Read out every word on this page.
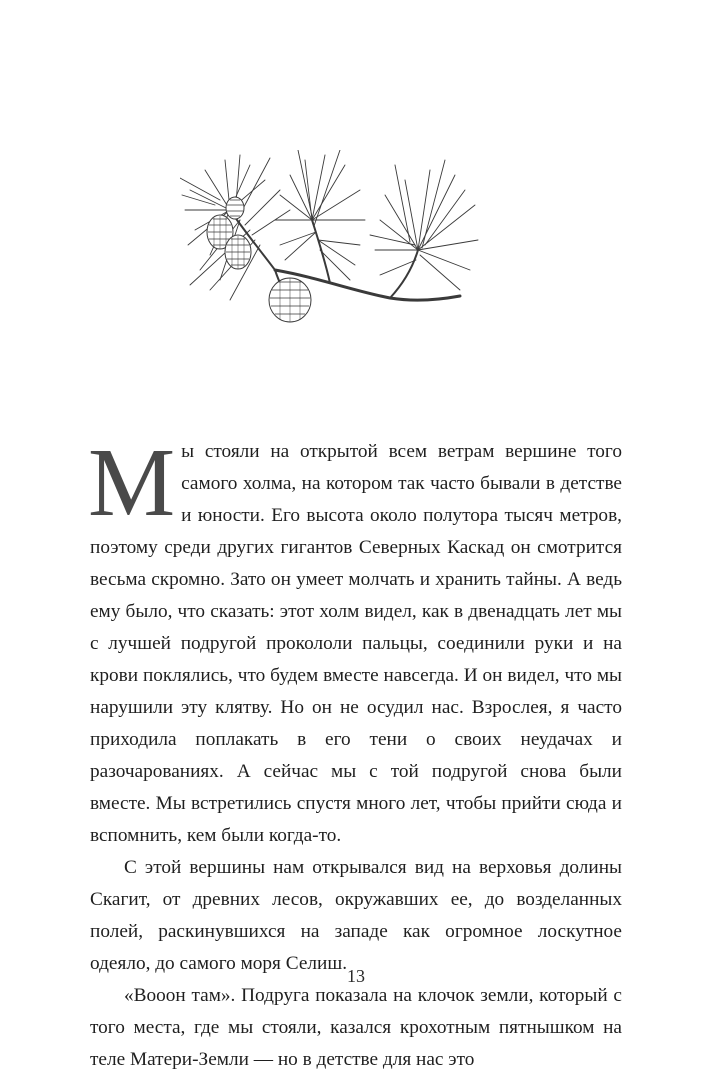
Мы стояли на открытой всем ветрам вершине того самого холма, на котором так часто бывали в детстве и юности. Его высота около полутора тысяч метров, поэтому среди других гигантов Северных Каскад он смотрится весьма скромно. Зато он умеет молчать и хранить тайны. А ведь ему было, что сказать: этот холм видел, как в двенадцать лет мы с лучшей подругой прокололи пальцы, соединили руки и на крови поклялись, что будем вместе навсегда. И он видел, что мы нарушили эту клятву. Но он не осудил нас. Взрослея, я часто приходила поплакать в его тени о своих неудачах и разочарованиях. А сейчас мы с той подругой снова были вместе. Мы встретились спустя много лет, чтобы прийти сюда и вспомнить, кем были когда-то.

С этой вершины нам открывался вид на верховья долины Скагит, от древних лесов, окружавших ее, до возделанных полей, раскинувшихся на западе как огромное лоскутное одеяло, до самого моря Селиш.

«Вооон там». Подруга показала на клочок земли, который с того места, где мы стояли, казался крохотным пятнышком на теле Матери-Земли — но в детстве для нас это

13
